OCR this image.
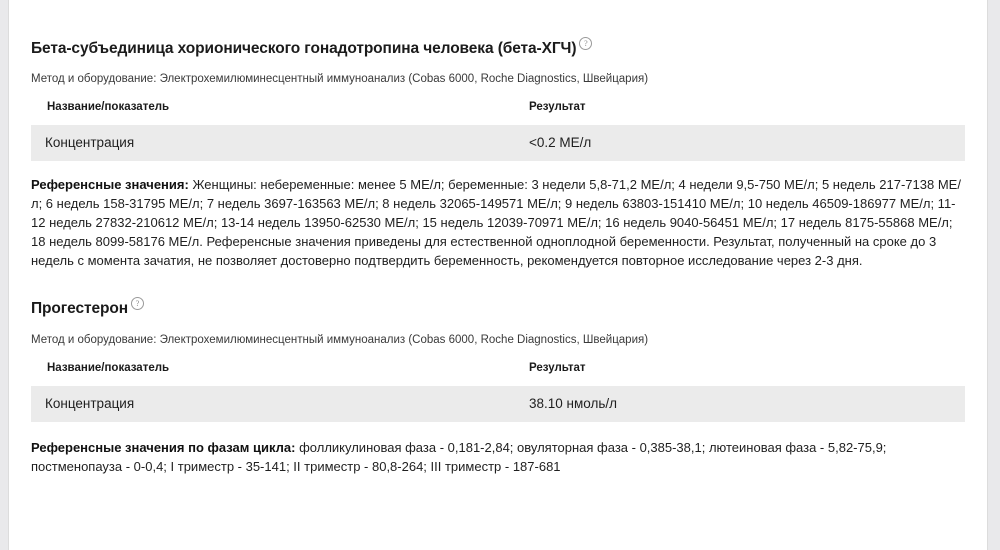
Бета-субъединица хорионического гонадотропина человека (бета-ХГЧ) ?

Метод и оборудование: Электрохемилюминесцентный иммуноанализ (Cobas 6000, Roche Diagnostics, Швейцария)

Название/показатель	Результат
Концентрация	<0.2 МЕ/л

Референсные значения: Женщины: небеременные: менее 5 МЕ/л; беременные: 3 недели 5,8-71,2 МЕ/л; 4 недели 9,5-750 МЕ/л; 5 недель 217-7138 МЕ/л; 6 недель 158-31795 МЕ/л; 7 недель 3697-163563 МЕ/л; 8 недель 32065-149571 МЕ/л; 9 недель 63803-151410 МЕ/л; 10 недель 46509-186977 МЕ/л; 11-12 недель 27832-210612 МЕ/л; 13-14 недель 13950-62530 МЕ/л; 15 недель 12039-70971 МЕ/л; 16 недель 9040-56451 МЕ/л; 17 недель 8175-55868 МЕ/л; 18 недель 8099-58176 МЕ/л. Референсные значения приведены для естественной одноплодной беременности. Результат, полученный на сроке до 3 недель с момента зачатия, не позволяет достоверно подтвердить беременность, рекомендуется повторное исследование через 2-3 дня.

Прогестерон ?

Метод и оборудование: Электрохемилюминесцентный иммуноанализ (Cobas 6000, Roche Diagnostics, Швейцария)

Название/показатель	Результат
Концентрация	38.10 нмоль/л

Референсные значения по фазам цикла: фолликулиновая фаза - 0,181-2,84; овуляторная фаза - 0,385-38,1; лютеиновая фаза - 5,82-75,9; постменопауза - 0-0,4; I триместр - 35-141; II триместр - 80,8-264; III триместр - 187-681
